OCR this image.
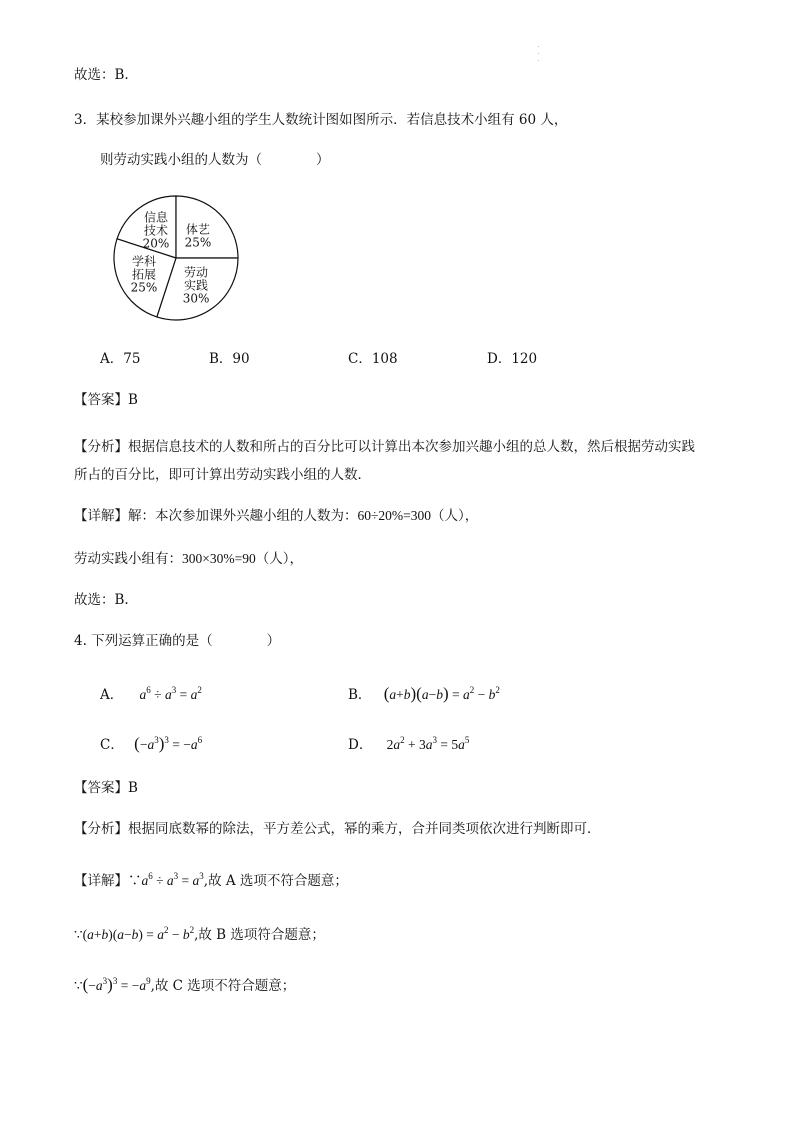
故选：B.
3．某校参加课外兴趣小组的学生人数统计图如图所示．若信息技术小组有 60 人，
则劳动实践小组的人数为（　　　　）
信息
技术
20%
体艺
25%
劳动
实践
30%
学科
拓展
25%
A．75	B．90	C．108	D．120
【答案】B
【分析】根据信息技术的人数和所占的百分比可以计算出本次参加兴趣小组的总人数，然后根据劳动实践
所占的百分比，即可计算出劳动实践小组的人数．
【详解】解：本次参加课外兴趣小组的人数为：60÷20%=300（人），
劳动实践小组有：300×30%=90（人），
故选：B.
4. 下列运算正确的是（　　　　）
A． $a^6 \div a^3 = a^2$	B． $(a+b)(a-b) = a^2 - b^2$
C． $(-a^3)^3 = -a^6$	D． $2a^2 + 3a^3 = 5a^5$
【答案】B
【分析】根据同底数幂的除法，平方差公式，幂的乘方，合并同类项依次进行判断即可．
【详解】$\because a^6 \div a^3 = a^3$,故 A 选项不符合题意；
∵(a+b)(a−b) = $a^2 - b^2$,故 B 选项符合题意；
$\because(-a^3)^3 = -a^9$,故 C 选项不符合题意；
